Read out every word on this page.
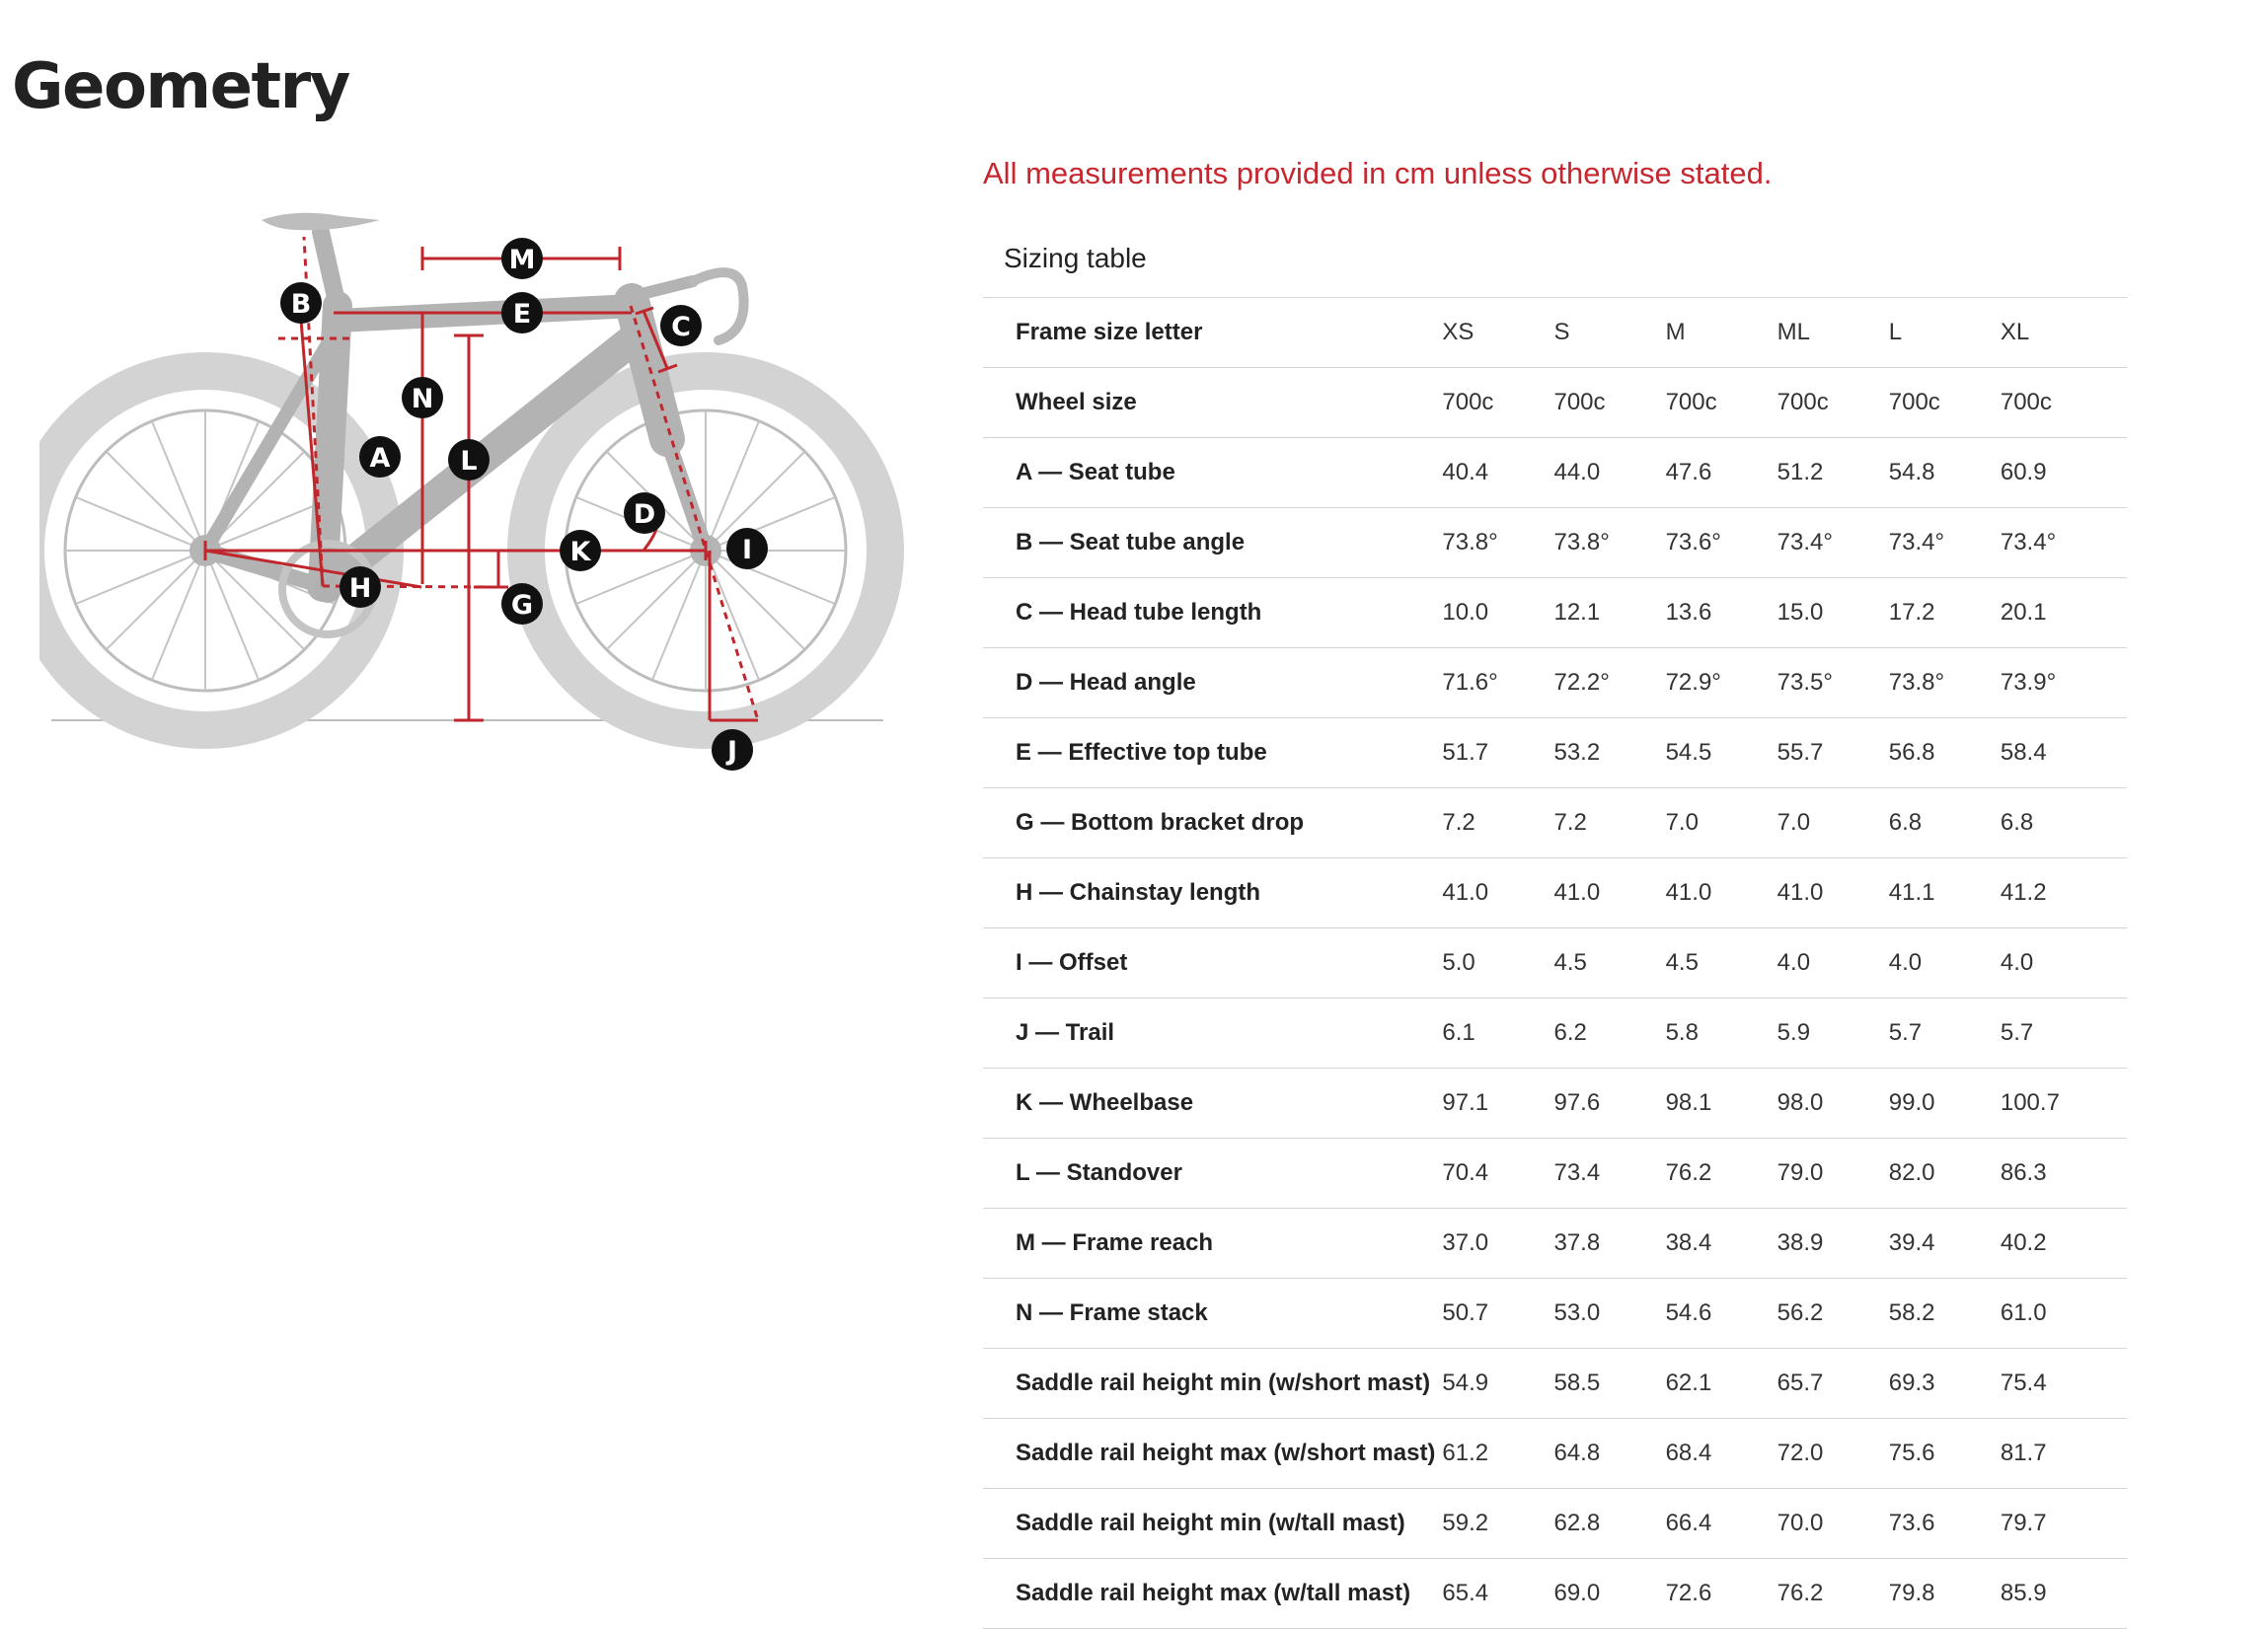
Geometry
M
E
B
C
N
A	L
D
K	I
H
G
J
All measurements provided in cm unless otherwise stated.
Sizing table
Frame size letter	XS	S	M	ML	L	XL
Wheel size	700c	700c	700c	700c	700c	700c
A — Seat tube	40.4	44.0	47.6	51.2	54.8	60.9
B — Seat tube angle	73.8°	73.8°	73.6°	73.4°	73.4°	73.4°
C — Head tube length	10.0	12.1	13.6	15.0	17.2	20.1
D — Head angle	71.6°	72.2°	72.9°	73.5°	73.8°	73.9°
E — Effective top tube	51.7	53.2	54.5	55.7	56.8	58.4
G — Bottom bracket drop	7.2	7.2	7.0	7.0	6.8	6.8
H — Chainstay length	41.0	41.0	41.0	41.0	41.1	41.2
I — Offset	5.0	4.5	4.5	4.0	4.0	4.0
J — Trail	6.1	6.2	5.8	5.9	5.7	5.7
K — Wheelbase	97.1	97.6	98.1	98.0	99.0	100.7
L — Standover	70.4	73.4	76.2	79.0	82.0	86.3
M — Frame reach	37.0	37.8	38.4	38.9	39.4	40.2
N — Frame stack	50.7	53.0	54.6	56.2	58.2	61.0
Saddle rail height min (w/short mast)	54.9	58.5	62.1	65.7	69.3	75.4
Saddle rail height max (w/short mast)	61.2	64.8	68.4	72.0	75.6	81.7
Saddle rail height min (w/tall mast)	59.2	62.8	66.4	70.0	73.6	79.7
Saddle rail height max (w/tall mast)	65.4	69.0	72.6	76.2	79.8	85.9
